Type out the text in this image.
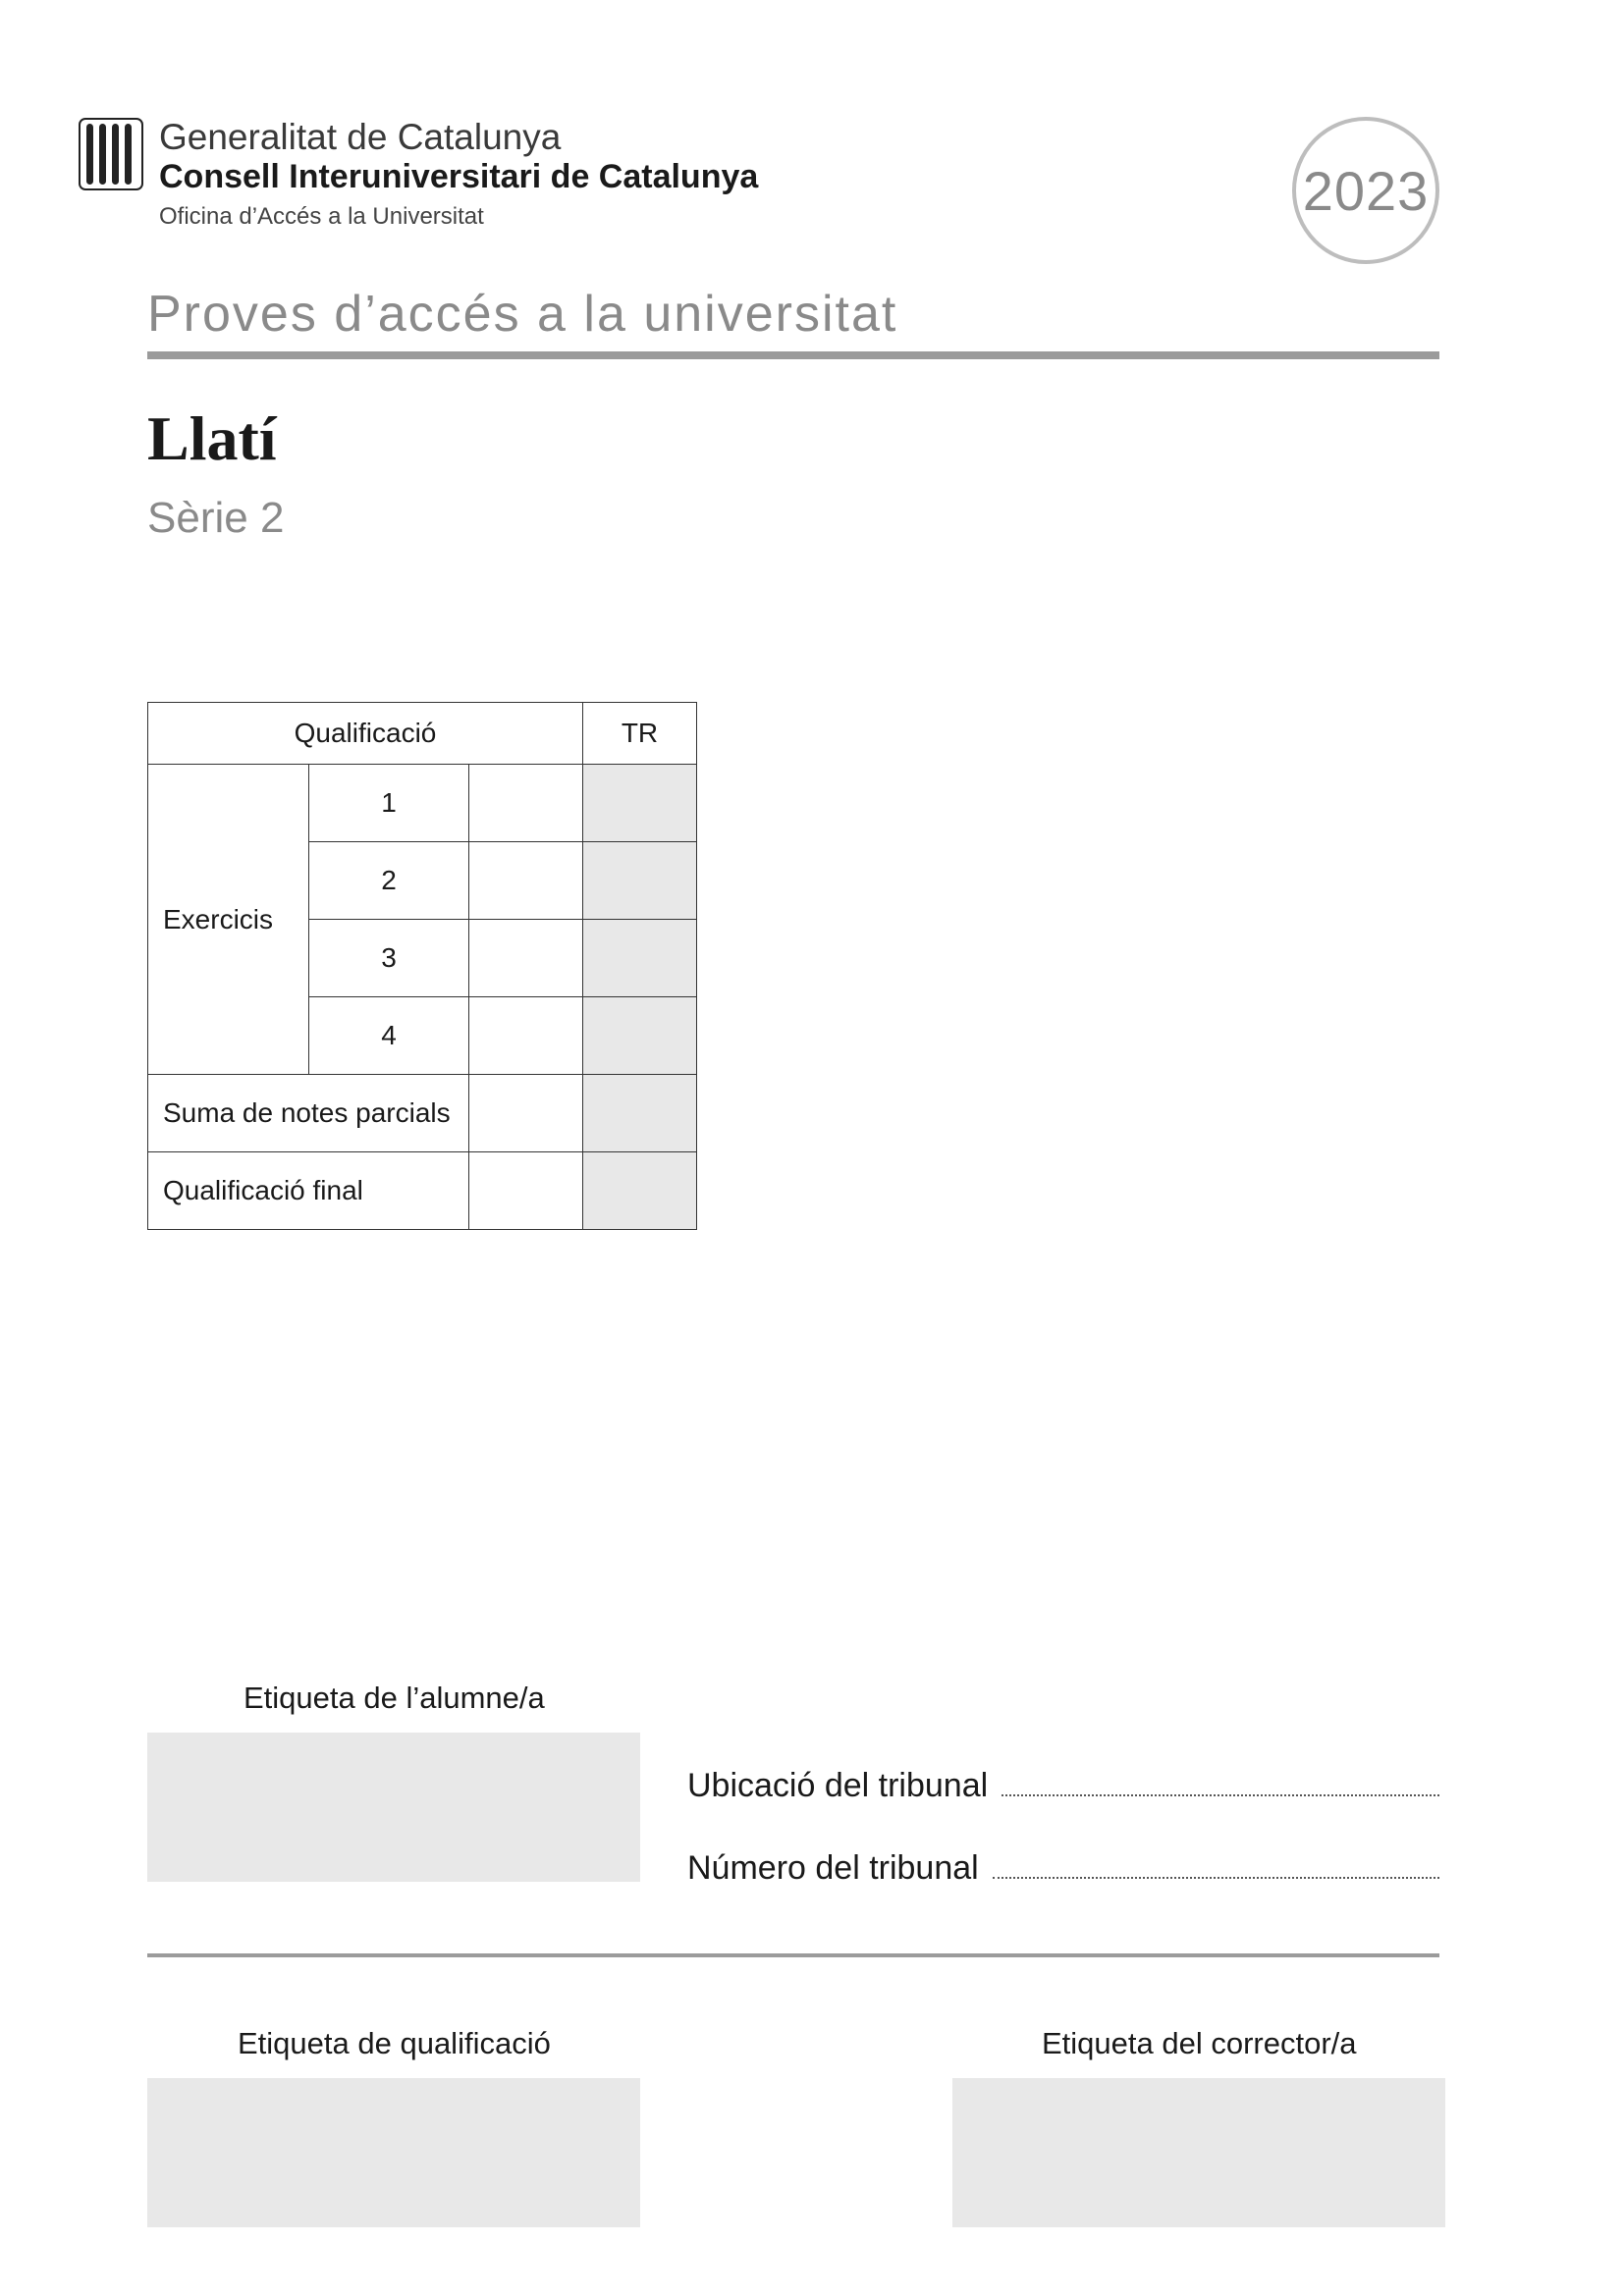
Generalitat de Catalunya
Consell Interuniversitari de Catalunya
Oficina d’Accés a la Universitat	2023
Proves d’accés a la universitat
Llatí
Sèrie 2
Qualificació			TR
Exercicis	1		
	2		
	3		
	4		
Suma de notes parcials			
Qualificació final			
Etiqueta de l’alumne/a
Ubicació del tribunal
Número del tribunal
Etiqueta de qualificació	Etiqueta del corrector/a
